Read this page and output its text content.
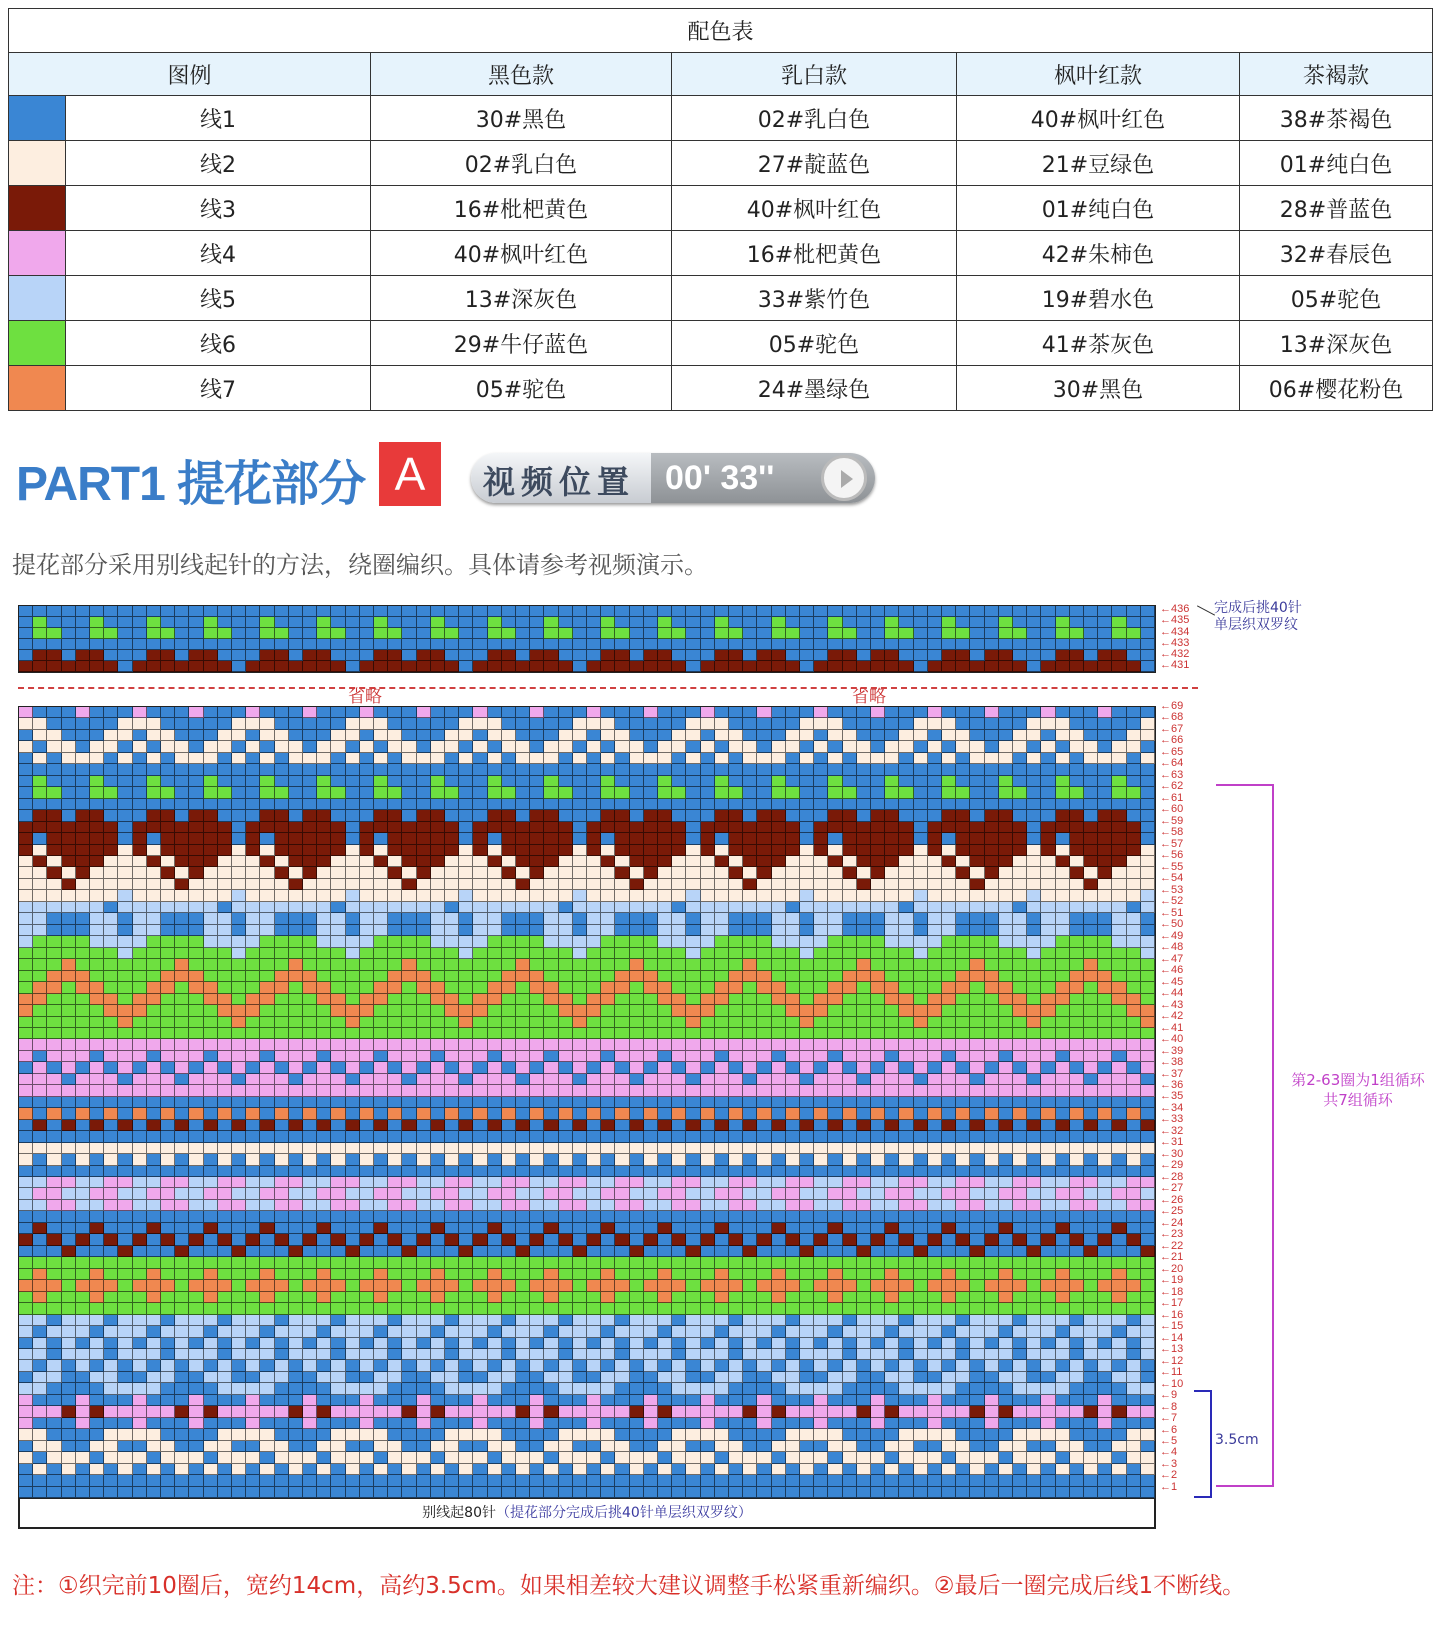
配色表					
图例		黑色款	乳白款	枫叶红款	茶褐款
	线1	30#黑色	02#乳白色	40#枫叶红色	38#茶褐色
	线2	02#乳白色	27#靛蓝色	21#豆绿色	01#纯白色
	线3	16#枇杷黄色	40#枫叶红色	01#纯白色	28#普蓝色
	线4	40#枫叶红色	16#枇杷黄色	42#朱柿色	32#春辰色
	线5	13#深灰色	33#紫竹色	19#碧水色	05#驼色
	线6	29#牛仔蓝色	05#驼色	41#茶灰色	13#深灰色
	线7	05#驼色	24#墨绿色	30#黑色	06#樱花粉色
PART1 提花部分 A	视频位置 00' 33''
提花部分采用别线起针的方法，绕圈编织。具体请参考视频演示。
←436
←435
←434
←433
←432
←431
完成后挑40针
单层织双罗纹
省略	省略	←69
←68
←67
←66
←65
←64
←63
←62
←61
←60
←59
←58
←57
←56
←55
←54
←53
←52
←51
←50
←49
←48
←47
←46
←45
←44
←43
←42
←41
←40
←39
←38
←37
←36
←35
←34
←33
←32
←31
←30
←29
←28
←27
←26
←25
←24
←23
←22
←21
←20
←19
←18
←17
←16
←15
←14
←13
←12
←11
←10
←9
←8
←7
←6
←5
←4
←3
←2
←1
第2-63圈为1组循环
共7组循环
3.5cm
别线起80针（提花部分完成后挑40针单层织双罗纹）
注：①织完前10圈后，宽约14cm，高约3.5cm。如果相差较大建议调整手松紧重新编织。②最后一圈完成后线1不断线。
